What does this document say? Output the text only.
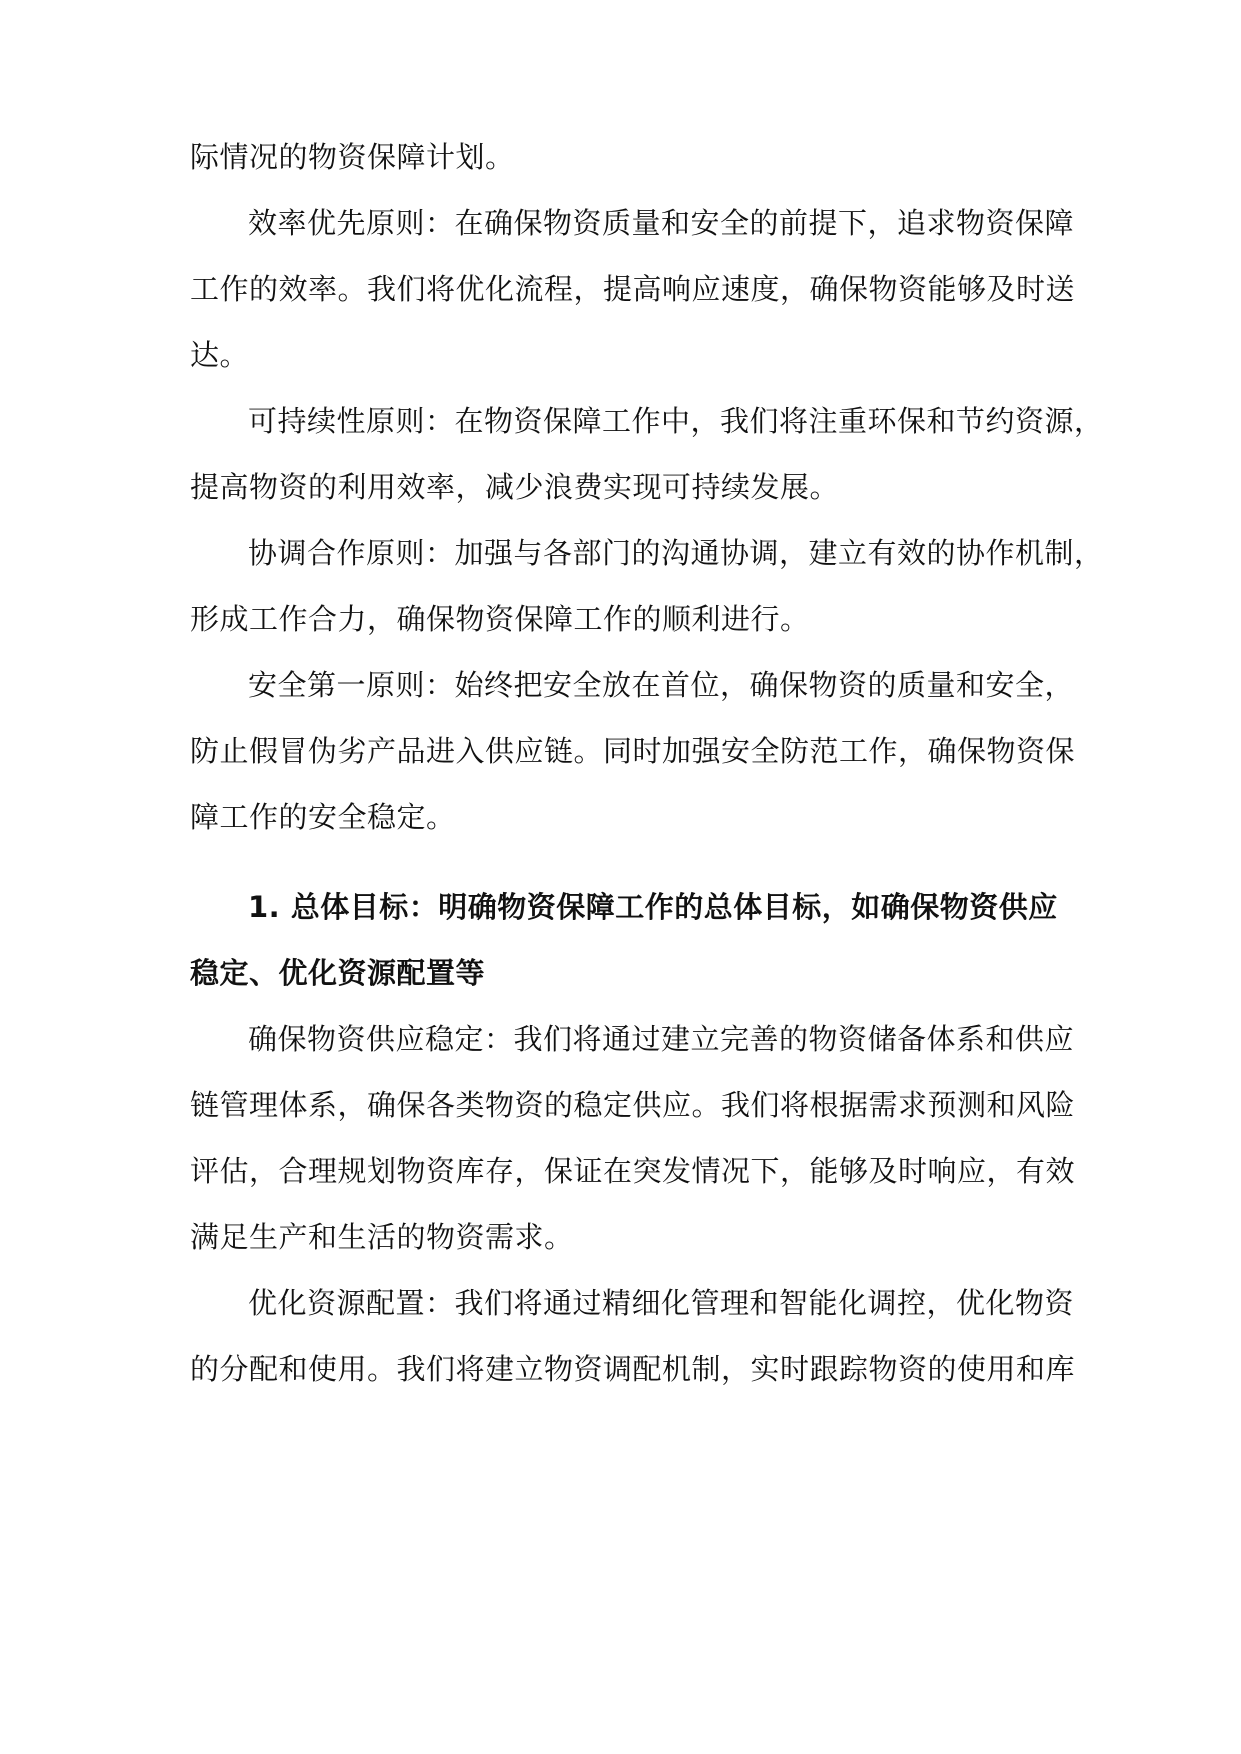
际情况的物资保障计划。
效率优先原则：在确保物资质量和安全的前提下，追求物资保障
工作的效率。我们将优化流程，提高响应速度，确保物资能够及时送
达。
可持续性原则：在物资保障工作中，我们将注重环保和节约资源，
提高物资的利用效率，减少浪费实现可持续发展。
协调合作原则：加强与各部门的沟通协调，建立有效的协作机制，
形成工作合力，确保物资保障工作的顺利进行。
安全第一原则：始终把安全放在首位，确保物资的质量和安全，
防止假冒伪劣产品进入供应链。同时加强安全防范工作，确保物资保
障工作的安全稳定。
1. 总体目标：明确物资保障工作的总体目标，如确保物资供应
稳定、优化资源配置等
确保物资供应稳定：我们将通过建立完善的物资储备体系和供应
链管理体系，确保各类物资的稳定供应。我们将根据需求预测和风险
评估，合理规划物资库存，保证在突发情况下，能够及时响应，有效
满足生产和生活的物资需求。
优化资源配置：我们将通过精细化管理和智能化调控，优化物资
的分配和使用。我们将建立物资调配机制，实时跟踪物资的使用和库
